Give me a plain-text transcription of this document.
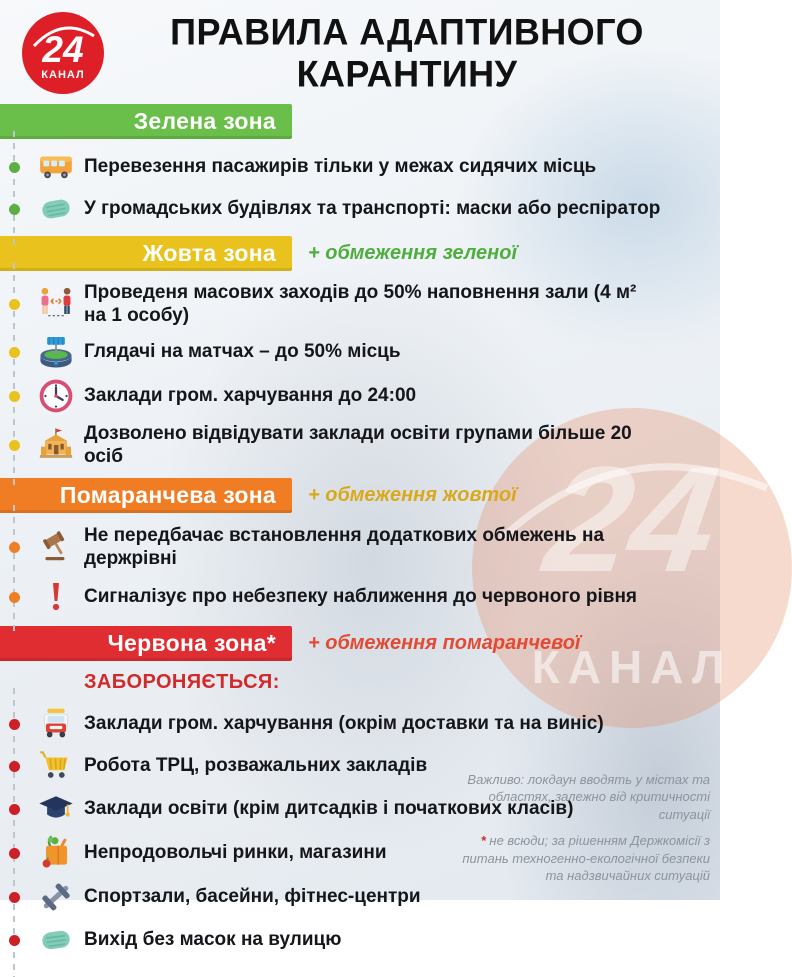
24
КАНАЛ
24
КАНАЛ
ПРАВИЛА АДАПТИВНОГО
КАРАНТИНУ
Зелена зона
Перевезення пасажирів тільки у межах сидячих місць
У громадських будівлях та транспорті: маски або респіратор
Жовта зона	+ обмеження зеленої
Проведеня масових заходів до 50% наповнення зали (4 м² на 1 особу)
Глядачі на матчах – до 50% місць
Заклади гром. харчування до 24:00
Дозволено відвідувати заклади освіти групами більше 20 осіб
Помаранчева зона	+ обмеження жовтої
Не передбачає встановлення додаткових обмежень на держрівні
Сигналізує про небезпеку наближення до червоного рівня
Червона зона*	+ обмеження помаранчевої
ЗАБОРОНЯЄТЬСЯ:
Заклади гром. харчування (окрім доставки та на виніс)
Робота ТРЦ, розважальних закладів
Заклади освіти (крім дитсадків і початкових класів)
Непродовольчі ринки, магазини
Спортзали, басейни, фітнес-центри
Вихід без масок на вулицю
Важливо: локдаун вводять у містах та областях, залежно від критичності ситуації
* не всюди; за рішенням Держкомісії з питань техногенно-екологічної безпеки та надзвичайних ситуацій
